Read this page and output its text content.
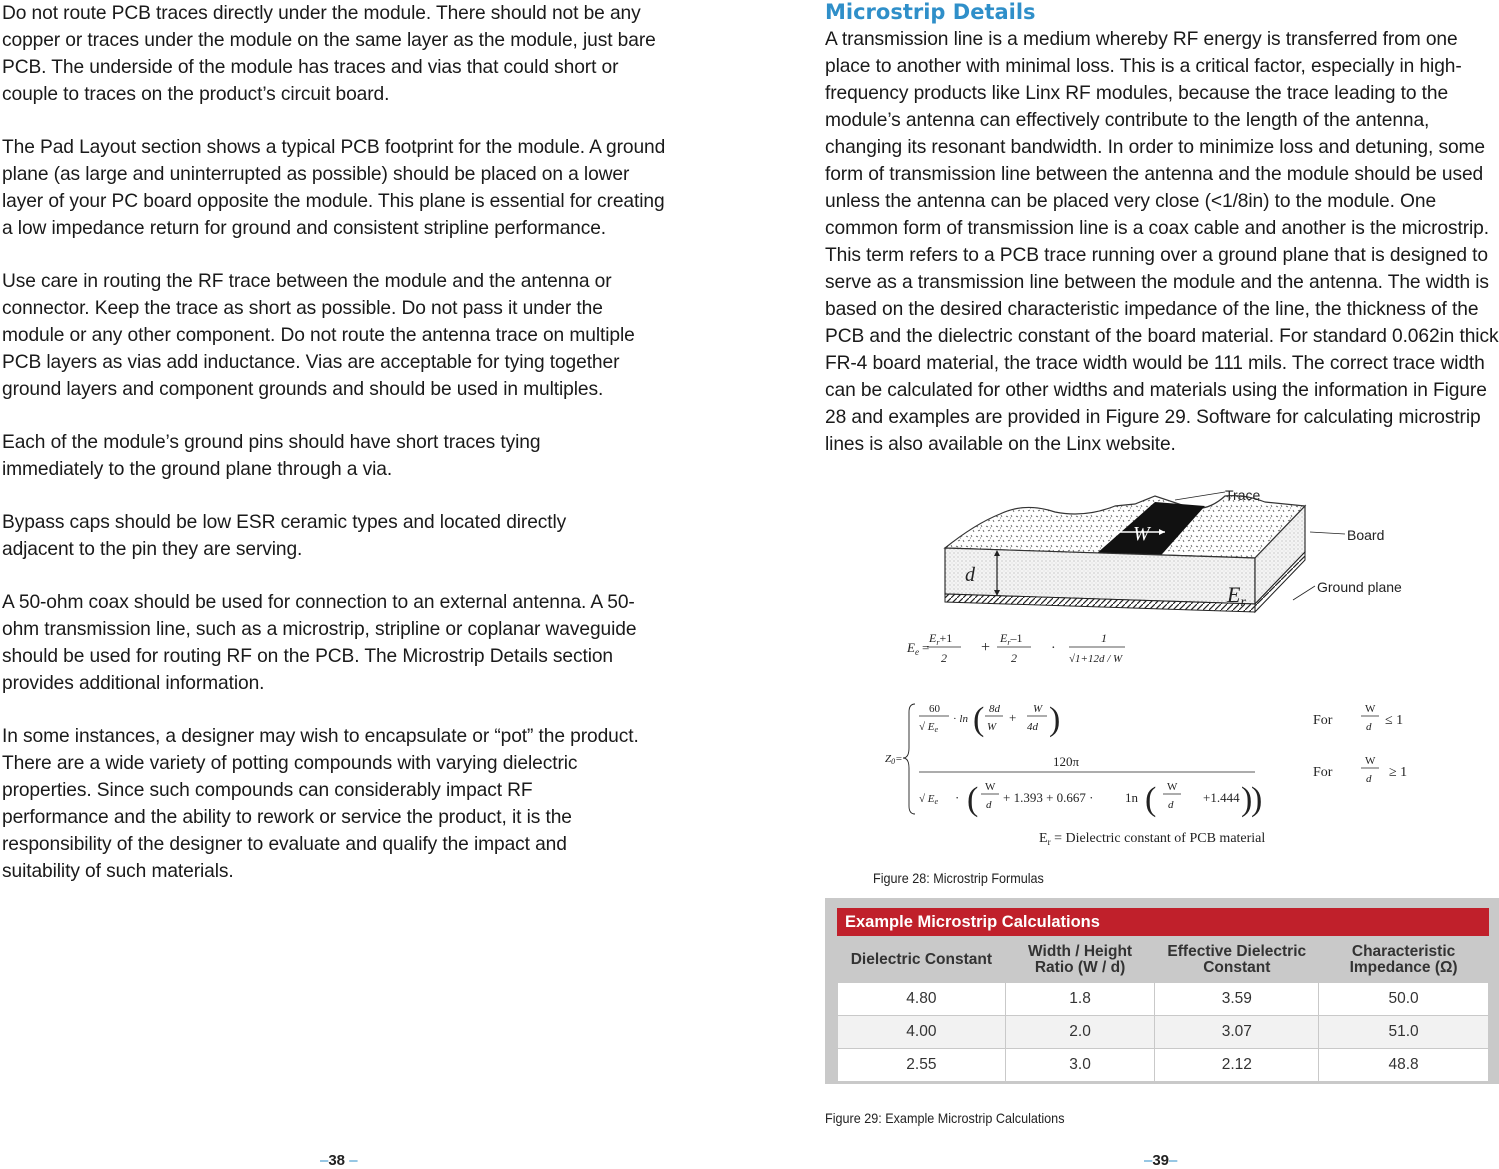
Do not route PCB traces directly under the module. There should not be any copper or traces under the module on the same layer as the module, just bare PCB. The underside of the module has traces and vias that could short or couple to traces on the product’s circuit board.

The Pad Layout section shows a typical PCB footprint for the module. A ground plane (as large and uninterrupted as possible) should be placed on a lower layer of your PC board opposite the module. This plane is essential for creating a low impedance return for ground and consistent stripline performance.

Use care in routing the RF trace between the module and the antenna or connector. Keep the trace as short as possible. Do not pass it under the module or any other component. Do not route the antenna trace on multiple PCB layers as vias add inductance. Vias are acceptable for tying together ground layers and component grounds and should be used in multiples.

Each of the module’s ground pins should have short traces tying immediately to the ground plane through a via.

Bypass caps should be low ESR ceramic types and located directly adjacent to the pin they are serving.

A 50-ohm coax should be used for connection to an external antenna. A 50-ohm transmission line, such as a microstrip, stripline or coplanar waveguide should be used for routing RF on the PCB. The Microstrip Details section provides additional information.

In some instances, a designer may wish to encapsulate or “pot” the product. There are a wide variety of potting compounds with varying dielectric properties. Since such compounds can considerably impact RF performance and the ability to rework or service the product, it is the responsibility of the designer to evaluate and qualify the impact and suitability of such materials.

–38 –
Microstrip Details

A transmission line is a medium whereby RF energy is transferred from one place to another with minimal loss. This is a critical factor, especially in high-frequency products like Linx RF modules, because the trace leading to the module’s antenna can effectively contribute to the length of the antenna, changing its resonant bandwidth. In order to minimize loss and detuning, some form of transmission line between the antenna and the module should be used unless the antenna can be placed very close (<1/8in) to the module. One common form of transmission line is a coax cable and another is the microstrip. This term refers to a PCB trace running over a ground plane that is designed to serve as a transmission line between the module and the antenna. The width is based on the desired characteristic impedance of the line, the thickness of the PCB and the dielectric constant of the board material. For standard 0.062in thick FR-4 board material, the trace width would be 111 mils. The correct trace width can be calculated for other widths and materials using the information in Figure 28 and examples are provided in Figure 29. Software for calculating microstrip lines is also available on the Linx website.

W
d
Er
Trace
Board
Ground plane
$E_e$ =
$E_r+1$
2
+
$E_r-1$
2
·
1
√1+12d / W
Z0=
60
√ Ee
· ln ( 8d
W
+
W
4d )
120π
√ Ee · ( W
d + 1.393 + 0.667 · 1n ( W
d +1.444 )
)
For
W
d ≤ 1
For
W
d ≥ 1
$E_r$ = Dielectric constant of PCB material
Figure 28: Microstrip Formulas
Example Microstrip Calculations
Dielectric Constant	Width / Height Ratio (W / d)	Effective Dielectric Constant	Characteristic Impedance (Ω)
4.80	1.8	3.59	50.0
4.00	2.0	3.07	51.0
2.55	3.0	2.12	48.8
Figure 29: Example Microstrip Calculations
–39–
